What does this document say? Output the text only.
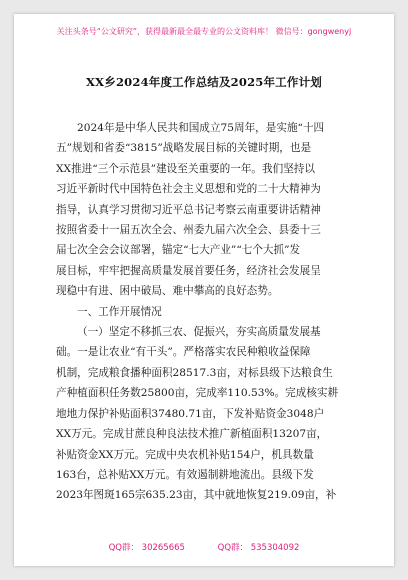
关注头条号“公文研究”，获得最新最全最专业的公文资料库！ 微信号：gongwenyj
XX乡2024年度工作总结及2025年工作计划
2024年是中华人民共和国成立75周年，是实施“十四
五”规划和省委“3815”战略发展目标的关键时期，也是
XX推进“三个示范县”建设至关重要的一年。我们坚持以
习近平新时代中国特色社会主义思想和党的二十大精神为
指导，认真学习贯彻习近平总书记考察云南重要讲话精神
按照省委十一届五次全会、州委九届六次全会、县委十三
届七次全会会议部署，锚定“七大产业”“七个大抓”发
展目标，牢牢把握高质量发展首要任务，经济社会发展呈
现稳中有进、困中破局、难中攀高的良好态势。
一、工作开展情况
（一）坚定不移抓三农、促振兴，夯实高质量发展基
础。一是让农业“有干头”。严格落实农民种粮收益保障
机制，完成粮食播种面积28517.3亩，对标县级下达粮食生
产种植面积任务数25800亩，完成率110.53%。完成核实耕
地地力保护补贴面积37480.71亩，下发补贴资金3048户
XX万元。完成甘蔗良种良法技术推广新植面积13207亩，
补贴资金XX万元。完成中央农机补贴154户，机具数量
163台，总补贴XX万元。有效遏制耕地流出。县级下发
2023年图斑165宗635.23亩，其中就地恢复219.09亩，补
QQ群： 30265665	QQ群： 535304092
